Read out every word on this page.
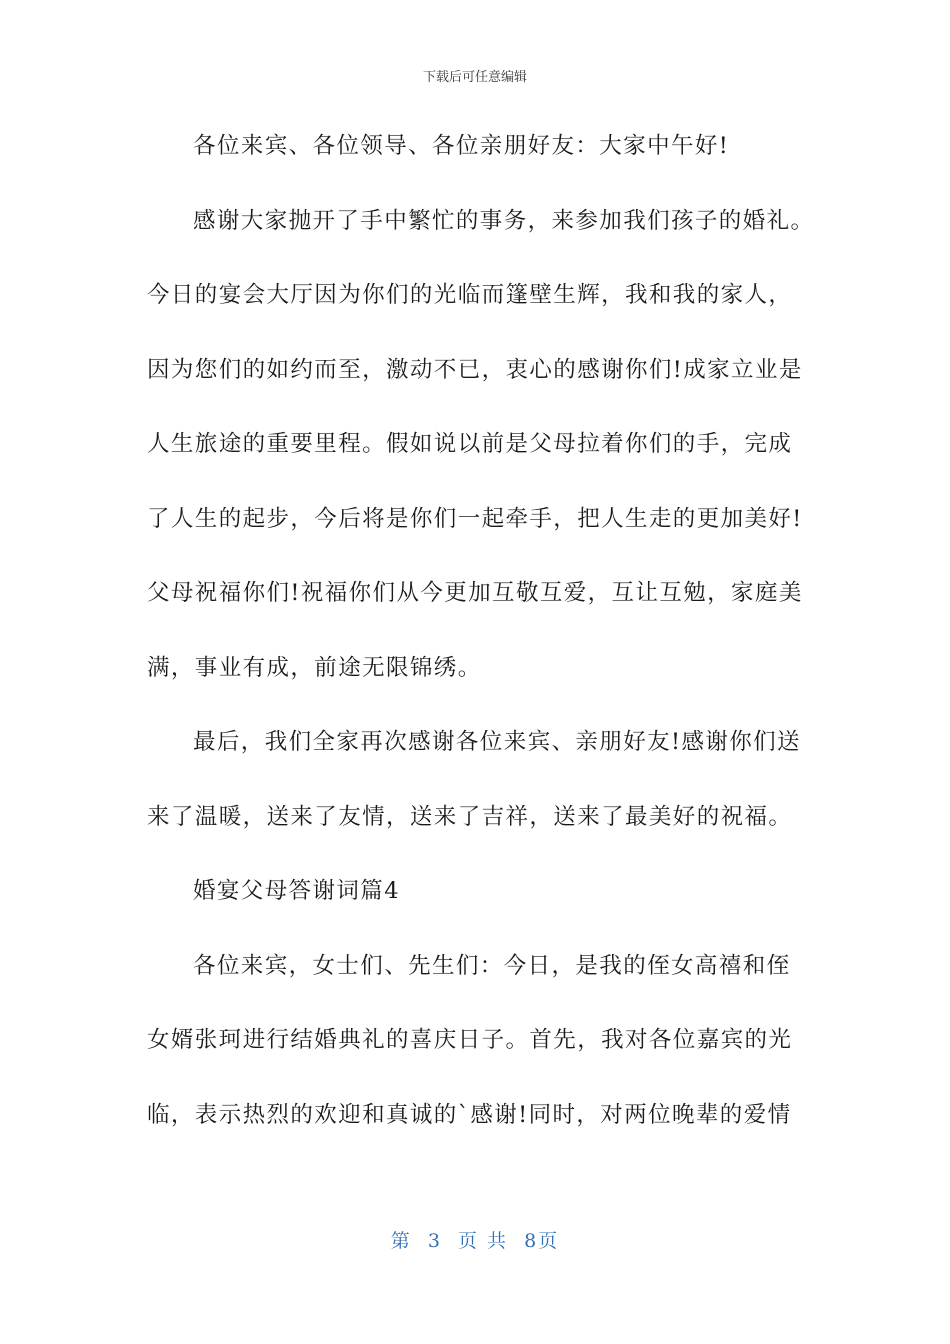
下载后可任意编辑
各位来宾、各位领导、各位亲朋好友：大家中午好!
感谢大家抛开了手中繁忙的事务，来参加我们孩子的婚礼。
今日的宴会大厅因为你们的光临而篷壁生辉，我和我的家人，
因为您们的如约而至，激动不已，衷心的感谢你们!成家立业是
人生旅途的重要里程。假如说以前是父母拉着你们的手，完成
了人生的起步，今后将是你们一起牵手，把人生走的更加美好!
父母祝福你们!祝福你们从今更加互敬互爱，互让互勉，家庭美
满，事业有成，前途无限锦绣。
最后，我们全家再次感谢各位来宾、亲朋好友!感谢你们送
来了温暖，送来了友情，送来了吉祥，送来了最美好的祝福。
婚宴父母答谢词篇4
各位来宾，女士们、先生们：今日，是我的侄女高禧和侄
女婿张珂进行结婚典礼的喜庆日子。首先，我对各位嘉宾的光
临，表示热烈的欢迎和真诚的`感谢!同时，对两位晚辈的爱情
第 3 页 共 8页
